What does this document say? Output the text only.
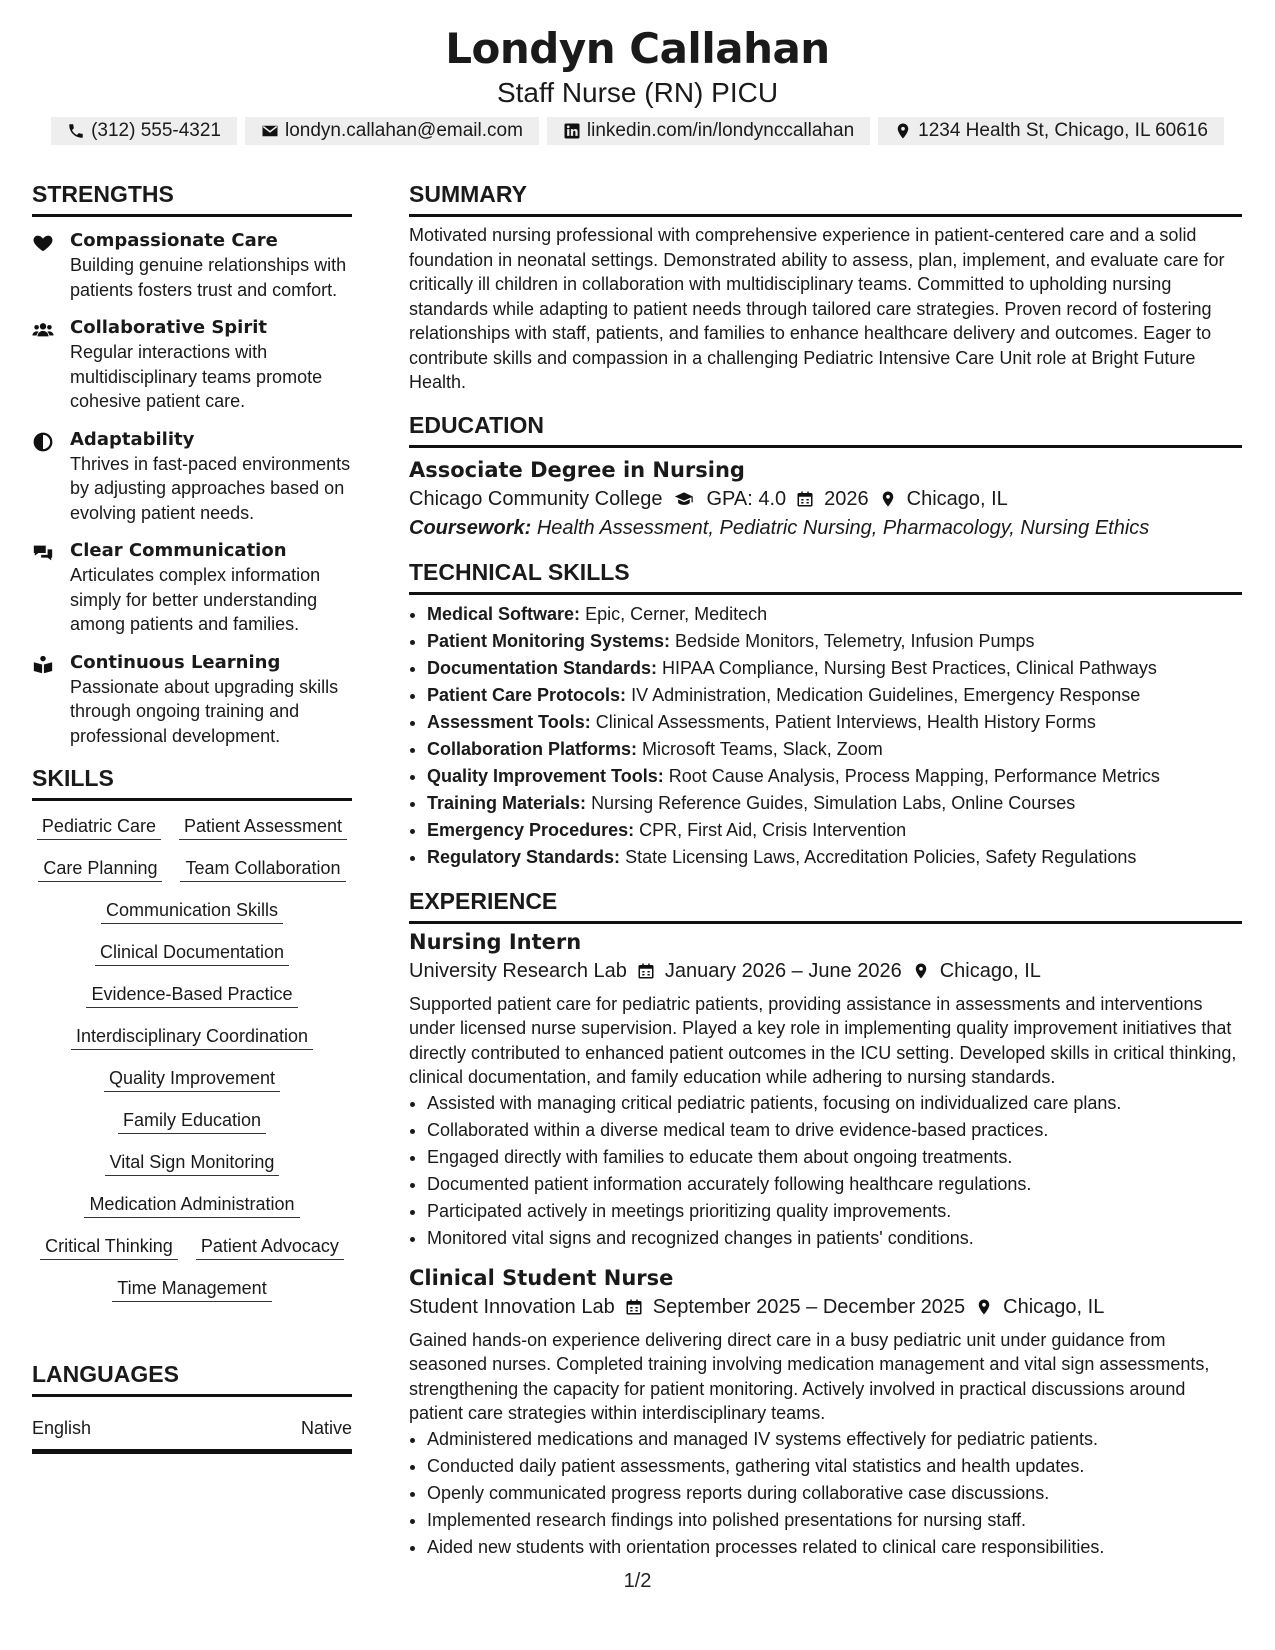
Londyn Callahan
Staff Nurse (RN) PICU
(312) 555-4321	londyn.callahan@email.com	linkedin.com/in/londynccallahan	1234 Health St, Chicago, IL 60616
STRENGTHS
Compassionate Care
Building genuine relationships with patients fosters trust and comfort.
Collaborative Spirit
Regular interactions with multidisciplinary teams promote cohesive patient care.
Adaptability
Thrives in fast-paced environments by adjusting approaches based on evolving patient needs.
Clear Communication
Articulates complex information simply for better understanding among patients and families.
Continuous Learning
Passionate about upgrading skills through ongoing training and professional development.
SKILLS
Pediatric Care Patient Assessment
Care Planning Team Collaboration
Communication Skills
Clinical Documentation
Evidence-Based Practice
Interdisciplinary Coordination
Quality Improvement
Family Education
Vital Sign Monitoring
Medication Administration
Critical Thinking Patient Advocacy
Time Management
LANGUAGES
English	Native
SUMMARY
Motivated nursing professional with comprehensive experience in patient-centered care and a solid foundation in neonatal settings. Demonstrated ability to assess, plan, implement, and evaluate care for critically ill children in collaboration with multidisciplinary teams. Committed to upholding nursing standards while adapting to patient needs through tailored care strategies. Proven record of fostering relationships with staff, patients, and families to enhance healthcare delivery and outcomes. Eager to contribute skills and compassion in a challenging Pediatric Intensive Care Unit role at Bright Future Health.
EDUCATION
Associate Degree in Nursing
Chicago Community College GPA: 4.0 2026 Chicago, IL
Coursework: Health Assessment, Pediatric Nursing, Pharmacology, Nursing Ethics
TECHNICAL SKILLS
• Medical Software: Epic, Cerner, Meditech
• Patient Monitoring Systems: Bedside Monitors, Telemetry, Infusion Pumps
• Documentation Standards: HIPAA Compliance, Nursing Best Practices, Clinical Pathways
• Patient Care Protocols: IV Administration, Medication Guidelines, Emergency Response
• Assessment Tools: Clinical Assessments, Patient Interviews, Health History Forms
• Collaboration Platforms: Microsoft Teams, Slack, Zoom
• Quality Improvement Tools: Root Cause Analysis, Process Mapping, Performance Metrics
• Training Materials: Nursing Reference Guides, Simulation Labs, Online Courses
• Emergency Procedures: CPR, First Aid, Crisis Intervention
• Regulatory Standards: State Licensing Laws, Accreditation Policies, Safety Regulations
EXPERIENCE
Nursing Intern
University Research Lab January 2026 – June 2026 Chicago, IL
Supported patient care for pediatric patients, providing assistance in assessments and interventions under licensed nurse supervision. Played a key role in implementing quality improvement initiatives that directly contributed to enhanced patient outcomes in the ICU setting. Developed skills in critical thinking, clinical documentation, and family education while adhering to nursing standards.
• Assisted with managing critical pediatric patients, focusing on individualized care plans.
• Collaborated within a diverse medical team to drive evidence-based practices.
• Engaged directly with families to educate them about ongoing treatments.
• Documented patient information accurately following healthcare regulations.
• Participated actively in meetings prioritizing quality improvements.
• Monitored vital signs and recognized changes in patients' conditions.
Clinical Student Nurse
Student Innovation Lab September 2025 – December 2025 Chicago, IL
Gained hands-on experience delivering direct care in a busy pediatric unit under guidance from seasoned nurses. Completed training involving medication management and vital sign assessments, strengthening the capacity for patient monitoring. Actively involved in practical discussions around patient care strategies within interdisciplinary teams.
• Administered medications and managed IV systems effectively for pediatric patients.
• Conducted daily patient assessments, gathering vital statistics and health updates.
• Openly communicated progress reports during collaborative case discussions.
• Implemented research findings into polished presentations for nursing staff.
• Aided new students with orientation processes related to clinical care responsibilities.
1/2
